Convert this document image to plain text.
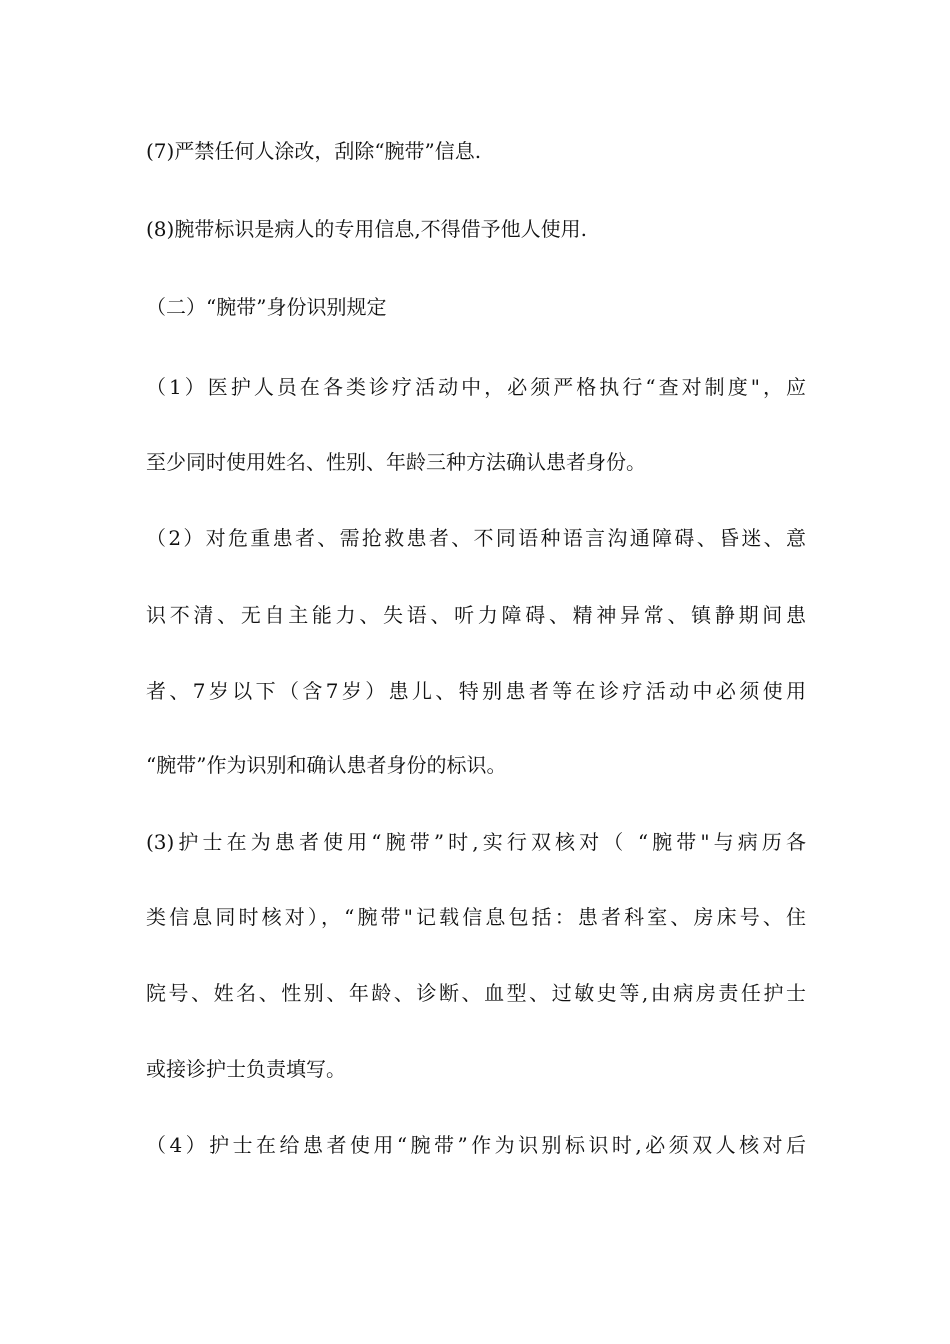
(7)严禁任何人涂改，刮除“腕带”信息.
(8)腕带标识是病人的专用信息,不得借予他人使用.
（二）“腕带”身份识别规定
（1）医护人员在各类诊疗活动中，必须严格执行“查对制度"，应
至少同时使用姓名、性别、年龄三种方法确认患者身份。
（2）对危重患者、需抢救患者、不同语种语言沟通障碍、昏迷、意
识不清、无自主能力、失语、听力障碍、精神异常、镇静期间患
者、7岁以下（含7岁）患儿、特别患者等在诊疗活动中必须使用
“腕带”作为识别和确认患者身份的标识。
(3)护士在为患者使用“腕带”时,实行双核对（ “腕带"与病历各
类信息同时核对），“腕带"记载信息包括：患者科室、房床号、住
院号、姓名、性别、年龄、诊断、血型、过敏史等,由病房责任护士
或接诊护士负责填写。
（4）护士在给患者使用“腕带”作为识别标识时,必须双人核对后
